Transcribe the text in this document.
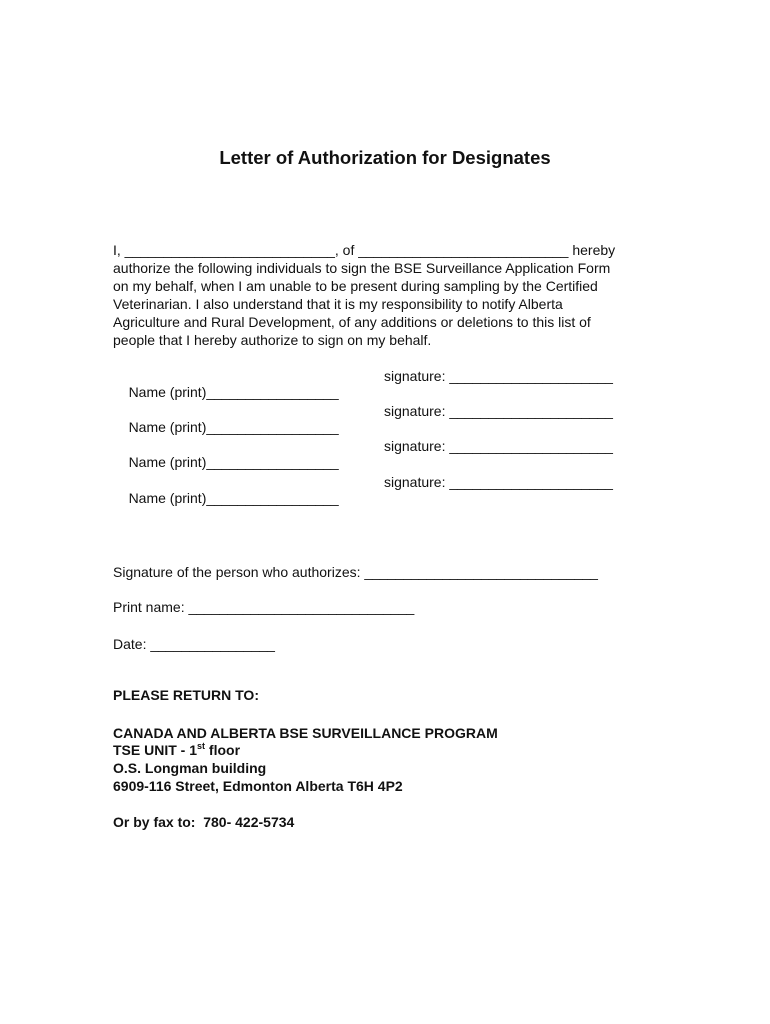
Letter of Authorization for Designates
I, ___________________________, of ___________________________ hereby
authorize the following individuals to sign the BSE Surveillance Application Form
on my behalf, when I am unable to be present during sampling by the Certified
Veterinarian. I also understand that it is my responsibility to notify Alberta
Agriculture and Rural Development, of any additions or deletions to this list of
people that I hereby authorize to sign on my behalf.

Name (print)_________________

signature: _____________________

Name (print)_________________

signature: _____________________

Name (print)_________________

signature: _____________________

Name (print)_________________

signature: _____________________

Signature of the person who authorizes: ______________________________
Print name: _____________________________
Date: ________________
PLEASE RETURN TO:
CANADA AND ALBERTA BSE SURVEILLANCE PROGRAM
TSE UNIT - 1st floor
O.S. Longman building
6909-116 Street, Edmonton Alberta T6H 4P2
Or by fax to:  780- 422-5734
